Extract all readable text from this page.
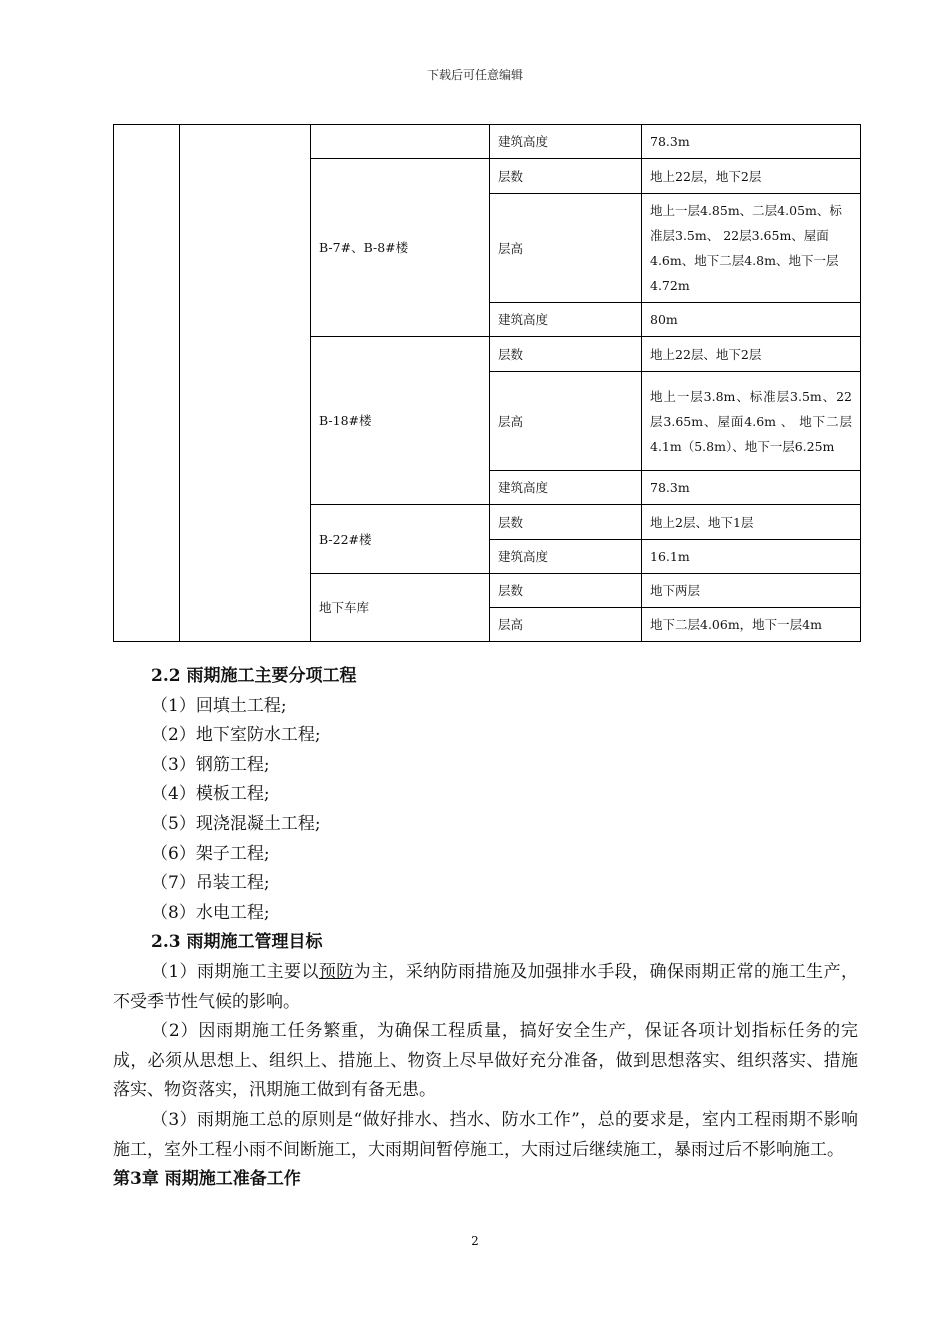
下载后可任意编辑
			建筑高度	78.3m
		B-7#、B-8#楼	层数	地上22层，地下2层
			层高	地上一层4.85m、二层4.05m、标准层3.5m、 22层3.65m、屋面4.6m、地下二层4.8m、地下一层4.72m
			建筑高度	80m
		B-18#楼	层数	地上22层、地下2层
			层高	地上一层3.8m、标准层3.5m、22层3.65m、屋面4.6m 、 地下二层4.1m（5.8m）、地下一层6.25m
			建筑高度	78.3m
		B-22#楼	层数	地上2层、地下1层
			建筑高度	16.1m
		地下车库	层数	地下两层
			层高	地下二层4.06m，地下一层4m

2.2 雨期施工主要分项工程

（1）回填土工程;

（2）地下室防水工程;

（3）钢筋工程;

（4）模板工程;

（5）现浇混凝土工程;

（6）架子工程;

（7）吊装工程;

（8）水电工程;

2.3 雨期施工管理目标

（1）雨期施工主要以预防为主，采纳防雨措施及加强排水手段，确保雨期正常的施工生产，不受季节性气候的影响。

（2）因雨期施工任务繁重，为确保工程质量，搞好安全生产，保证各项计划指标任务的完成，必须从思想上、组织上、措施上、物资上尽早做好充分准备，做到思想落实、组织落实、措施落实、物资落实，汛期施工做到有备无患。

（3）雨期施工总的原则是“做好排水、挡水、防水工作”，总的要求是，室内工程雨期不影响施工，室外工程小雨不间断施工，大雨期间暂停施工，大雨过后继续施工，暴雨过后不影响施工。

第3章 雨期施工准备工作

2
